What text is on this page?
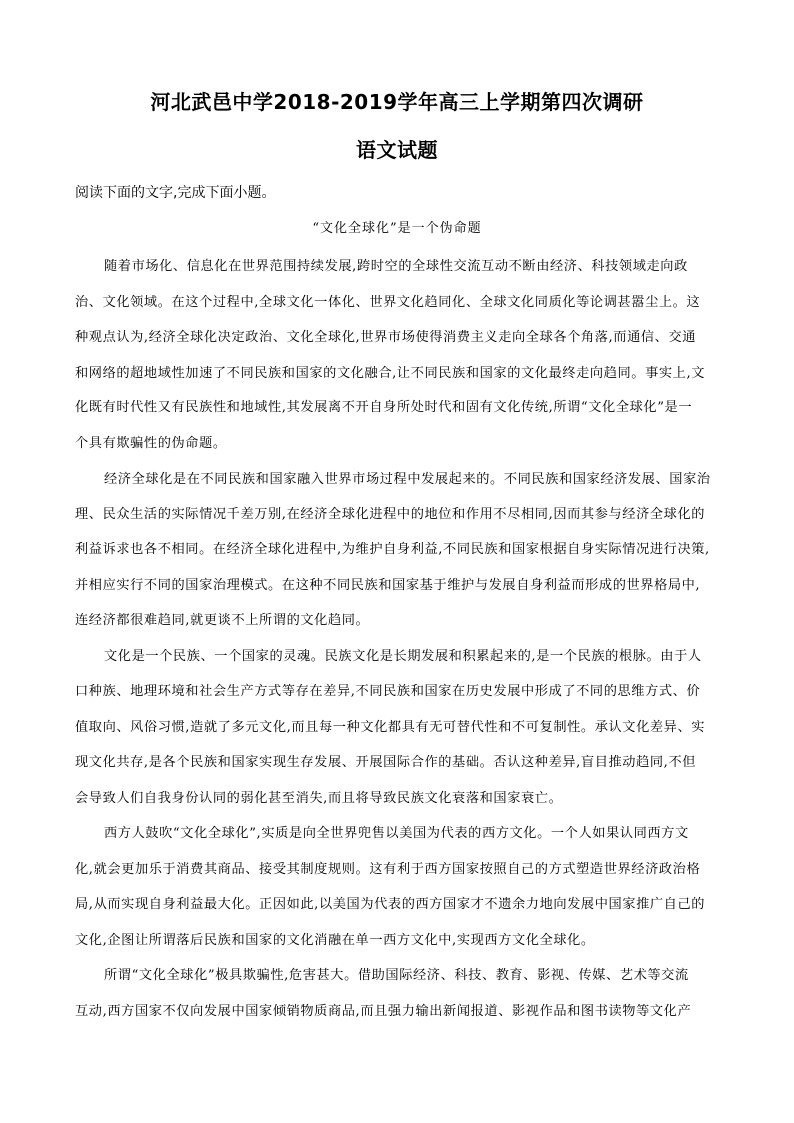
河北武邑中学2018-2019学年高三上学期第四次调研
语文试题
阅读下面的文字,完成下面小题。
“文化全球化”是一个伪命题
随着市场化、信息化在世界范围持续发展,跨时空的全球性交流互动不断由经济、科技领域走向政
治、文化领域。在这个过程中,全球文化一体化、世界文化趋同化、全球文化同质化等论调甚嚣尘上。这
种观点认为,经济全球化决定政治、文化全球化,世界市场使得消费主义走向全球各个角落,而通信、交通
和网络的超地域性加速了不同民族和国家的文化融合,让不同民族和国家的文化最终走向趋同。事实上,文
化既有时代性又有民族性和地域性,其发展离不开自身所处时代和固有文化传统,所谓“文化全球化”是一
个具有欺骗性的伪命题。
经济全球化是在不同民族和国家融入世界市场过程中发展起来的。不同民族和国家经济发展、国家治
理、民众生活的实际情况千差万别,在经济全球化进程中的地位和作用不尽相同,因而其参与经济全球化的
利益诉求也各不相同。在经济全球化进程中,为维护自身利益,不同民族和国家根据自身实际情况进行决策,
并相应实行不同的国家治理模式。在这种不同民族和国家基于维护与发展自身利益而形成的世界格局中,
连经济都很难趋同,就更谈不上所谓的文化趋同。
文化是一个民族、一个国家的灵魂。民族文化是长期发展和积累起来的,是一个民族的根脉。由于人
口种族、地理环境和社会生产方式等存在差异,不同民族和国家在历史发展中形成了不同的思维方式、价
值取向、风俗习惯,造就了多元文化,而且每一种文化都具有无可替代性和不可复制性。承认文化差异、实
现文化共存,是各个民族和国家实现生存发展、开展国际合作的基础。否认这种差异,盲目推动趋同,不但
会导致人们自我身份认同的弱化甚至消失,而且将导致民族文化衰落和国家衰亡。
西方人鼓吹“文化全球化”,实质是向全世界兜售以美国为代表的西方文化。一个人如果认同西方文
化,就会更加乐于消费其商品、接受其制度规则。这有利于西方国家按照自己的方式塑造世界经济政治格
局,从而实现自身利益最大化。正因如此,以美国为代表的西方国家才不遗余力地向发展中国家推广自己的
文化,企图让所谓落后民族和国家的文化消融在单一西方文化中,实现西方文化全球化。
所谓“文化全球化”极具欺骗性,危害甚大。借助国际经济、科技、教育、影视、传媒、艺术等交流
互动,西方国家不仅向发展中国家倾销物质商品,而且强力输出新闻报道、影视作品和图书读物等文化产
